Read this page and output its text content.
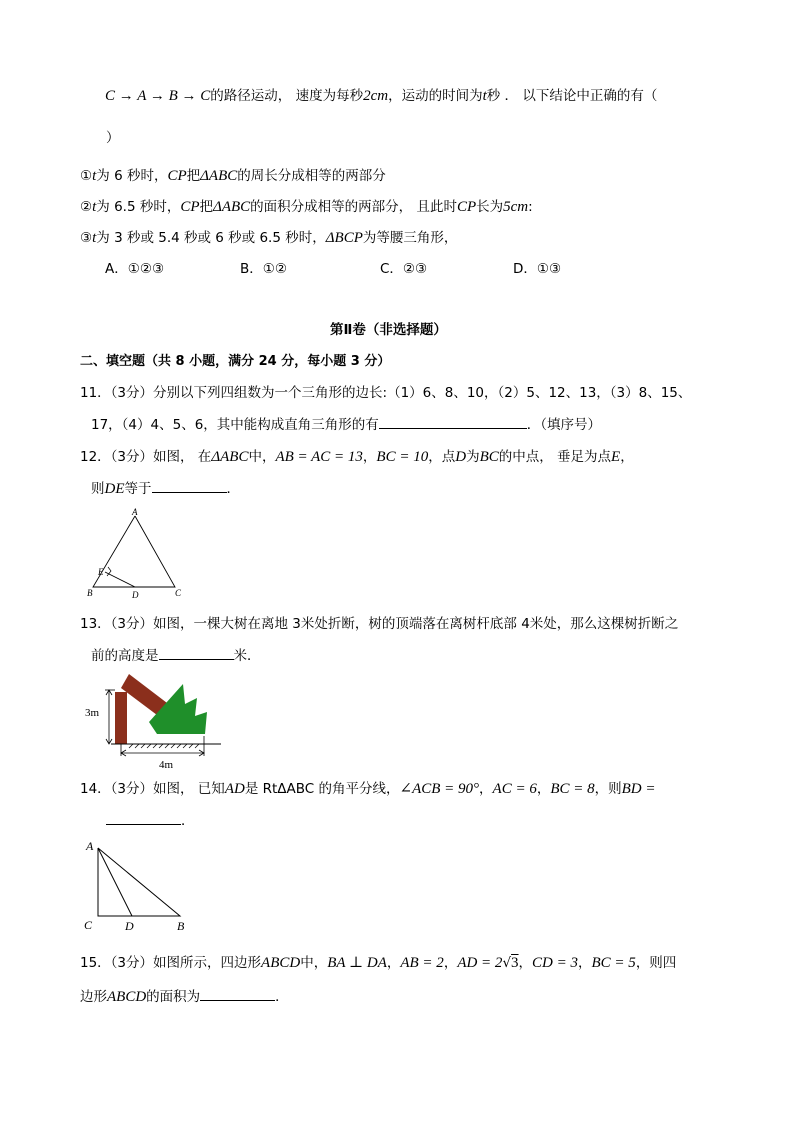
C → A → B → C的路径运动， 速度为每秒2cm，运动的时间为t秒 ． 以下结论中正确的有（
）
①t为 6 秒时，CP把ΔABC的周长分成相等的两部分
②t为 6.5 秒时，CP把ΔABC的面积分成相等的两部分， 且此时CP长为5cm:
③t为 3 秒或 5.4 秒或 6 秒或 6.5 秒时，ΔBCP为等腰三角形，
A．①②③	B．①②	C．②③	D．①③
第Ⅱ卷（非选择题）
二、填空题（共 8 小题，满分 24 分，每小题 3 分）
11．（3分）分别以下列四组数为一个三角形的边长:（1）6、8、10，（2）5、12、13，（3）8、15、
17，（4）4、5、6，其中能构成直角三角形的有	．（填序号）
12．（3分）如图， 在ΔABC中，AB = AC = 13，BC = 10，点D为BC的中点， 垂足为点E，
则DE等于	．
A
B	C
D
E
13．（3分）如图，一棵大树在离地 3米处折断，树的顶端落在离树杆底部 4米处，那么这棵树折断之
前的高度是	米．
3m
4m
14．（3分）如图， 已知AD是 RtΔABC 的角平分线，∠ACB = 90°，AC = 6，BC = 8，则BD =
．
A
C	D	B
15．（3分）如图所示，四边形ABCD中，BA ⊥ DA，AB = 2，AD = 2√3，CD = 3，BC = 5，则四
边形ABCD的面积为	．
